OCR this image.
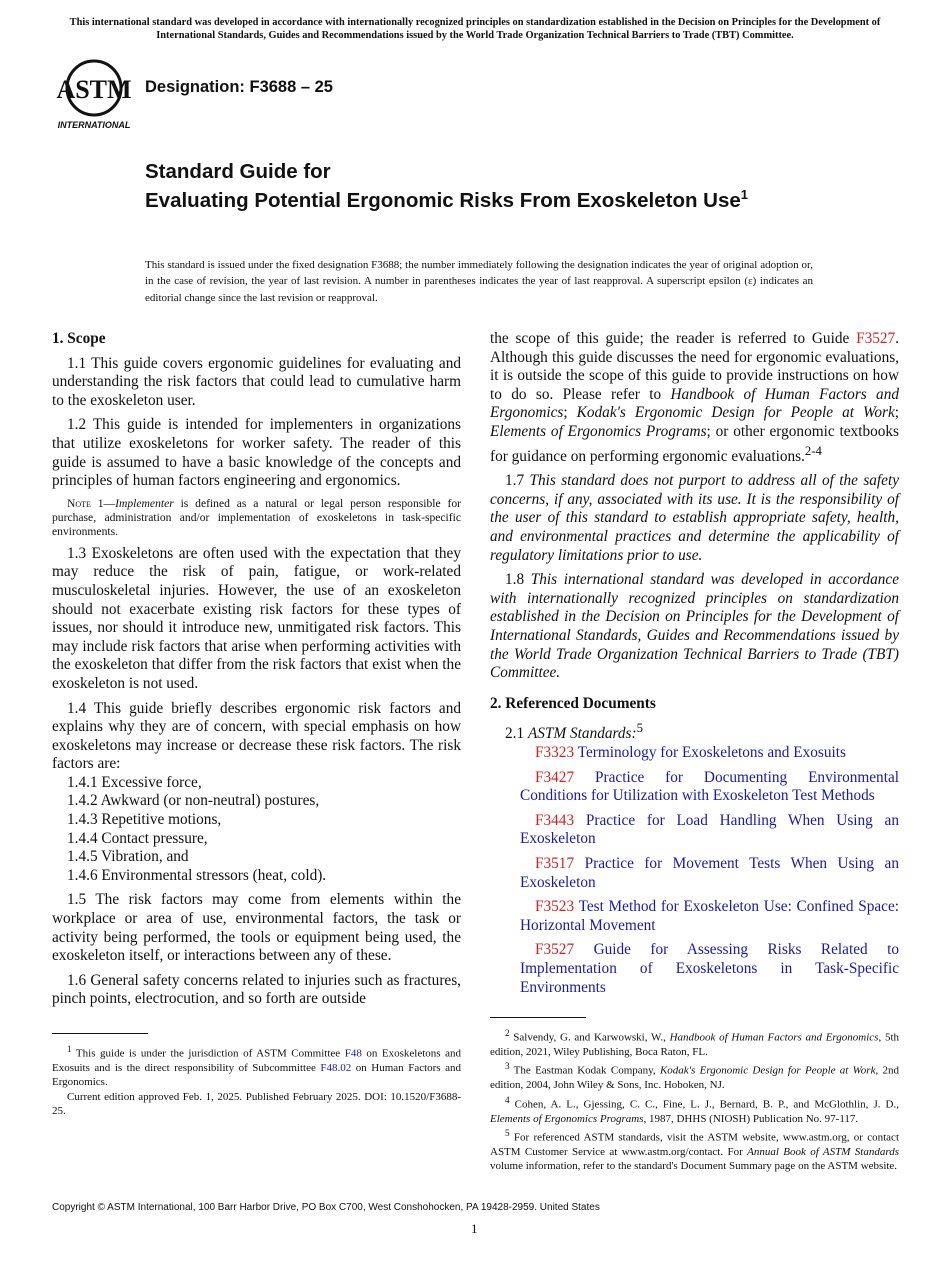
This international standard was developed in accordance with internationally recognized principles on standardization established in the Decision on Principles for the Development of International Standards, Guides and Recommendations issued by the World Trade Organization Technical Barriers to Trade (TBT) Committee.
ASTM
INTERNATIONAL
Designation: F3688 – 25
Standard Guide for
Evaluating Potential Ergonomic Risks From Exoskeleton Use$^1$
This standard is issued under the fixed designation F3688; the number immediately following the designation indicates the year of original adoption or, in the case of revision, the year of last revision. A number in parentheses indicates the year of last reapproval. A superscript epsilon (ε) indicates an editorial change since the last revision or reapproval.
1. Scope

1.1 This guide covers ergonomic guidelines for evaluating and understanding the risk factors that could lead to cumulative harm to the exoskeleton user.

1.2 This guide is intended for implementers in organizations that utilize exoskeletons for worker safety. The reader of this guide is assumed to have a basic knowledge of the concepts and principles of human factors engineering and ergonomics.

Note 1—Implementer is defined as a natural or legal person responsible for purchase, administration and/or implementation of exoskeletons in task-specific environments.

1.3 Exoskeletons are often used with the expectation that they may reduce the risk of pain, fatigue, or work-related musculoskeletal injuries. However, the use of an exoskeleton should not exacerbate existing risk factors for these types of issues, nor should it introduce new, unmitigated risk factors. This may include risk factors that arise when performing activities with the exoskeleton that differ from the risk factors that exist when the exoskeleton is not used.

1.4 This guide briefly describes ergonomic risk factors and explains why they are of concern, with special emphasis on how exoskeletons may increase or decrease these risk factors. The risk factors are:

1.4.1 Excessive force,
1.4.2 Awkward (or non-neutral) postures,
1.4.3 Repetitive motions,
1.4.4 Contact pressure,
1.4.5 Vibration, and
1.4.6 Environmental stressors (heat, cold).

1.5 The risk factors may come from elements within the workplace or area of use, environmental factors, the task or activity being performed, the tools or equipment being used, the exoskeleton itself, or interactions between any of these.

1.6 General safety concerns related to injuries such as fractures, pinch points, electrocution, and so forth are outside

$^1$ This guide is under the jurisdiction of ASTM Committee F48 on Exoskeletons and Exosuits and is the direct responsibility of Subcommittee F48.02 on Human Factors and Ergonomics.

Current edition approved Feb. 1, 2025. Published February 2025. DOI: 10.1520/F3688-25.

the scope of this guide; the reader is referred to Guide F3527. Although this guide discusses the need for ergonomic evaluations, it is outside the scope of this guide to provide instructions on how to do so. Please refer to Handbook of Human Factors and Ergonomics; Kodak's Ergonomic Design for People at Work; Elements of Ergonomics Programs; or other ergonomic textbooks for guidance on performing ergonomic evaluations.$^{2-4}$

1.7 This standard does not purport to address all of the safety concerns, if any, associated with its use. It is the responsibility of the user of this standard to establish appropriate safety, health, and environmental practices and determine the applicability of regulatory limitations prior to use.

1.8 This international standard was developed in accordance with internationally recognized principles on standardization established in the Decision on Principles for the Development of International Standards, Guides and Recommendations issued by the World Trade Organization Technical Barriers to Trade (TBT) Committee.

2. Referenced Documents

2.1 ASTM Standards:$^5$

F3323 Terminology for Exoskeletons and Exosuits

F3427 Practice for Documenting Environmental Conditions for Utilization with Exoskeleton Test Methods

F3443 Practice for Load Handling When Using an Exoskeleton

F3517 Practice for Movement Tests When Using an Exoskeleton

F3523 Test Method for Exoskeleton Use: Confined Space: Horizontal Movement

F3527 Guide for Assessing Risks Related to Implementation of Exoskeletons in Task-Specific Environments

$^2$ Salvendy, G. and Karwowski, W., Handbook of Human Factors and Ergonomics, 5th edition, 2021, Wiley Publishing, Boca Raton, FL.

$^3$ The Eastman Kodak Company, Kodak's Ergonomic Design for People at Work, 2nd edition, 2004, John Wiley & Sons, Inc. Hoboken, NJ.

$^4$ Cohen, A. L., Gjessing, C. C., Fine, L. J., Bernard, B. P., and McGlothlin, J. D., Elements of Ergonomics Programs, 1987, DHHS (NIOSH) Publication No. 97-117.

$^5$ For referenced ASTM standards, visit the ASTM website, www.astm.org, or contact ASTM Customer Service at www.astm.org/contact. For Annual Book of ASTM Standards volume information, refer to the standard's Document Summary page on the ASTM website.

Copyright © ASTM International, 100 Barr Harbor Drive, PO Box C700, West Conshohocken, PA 19428-2959. United States
1
